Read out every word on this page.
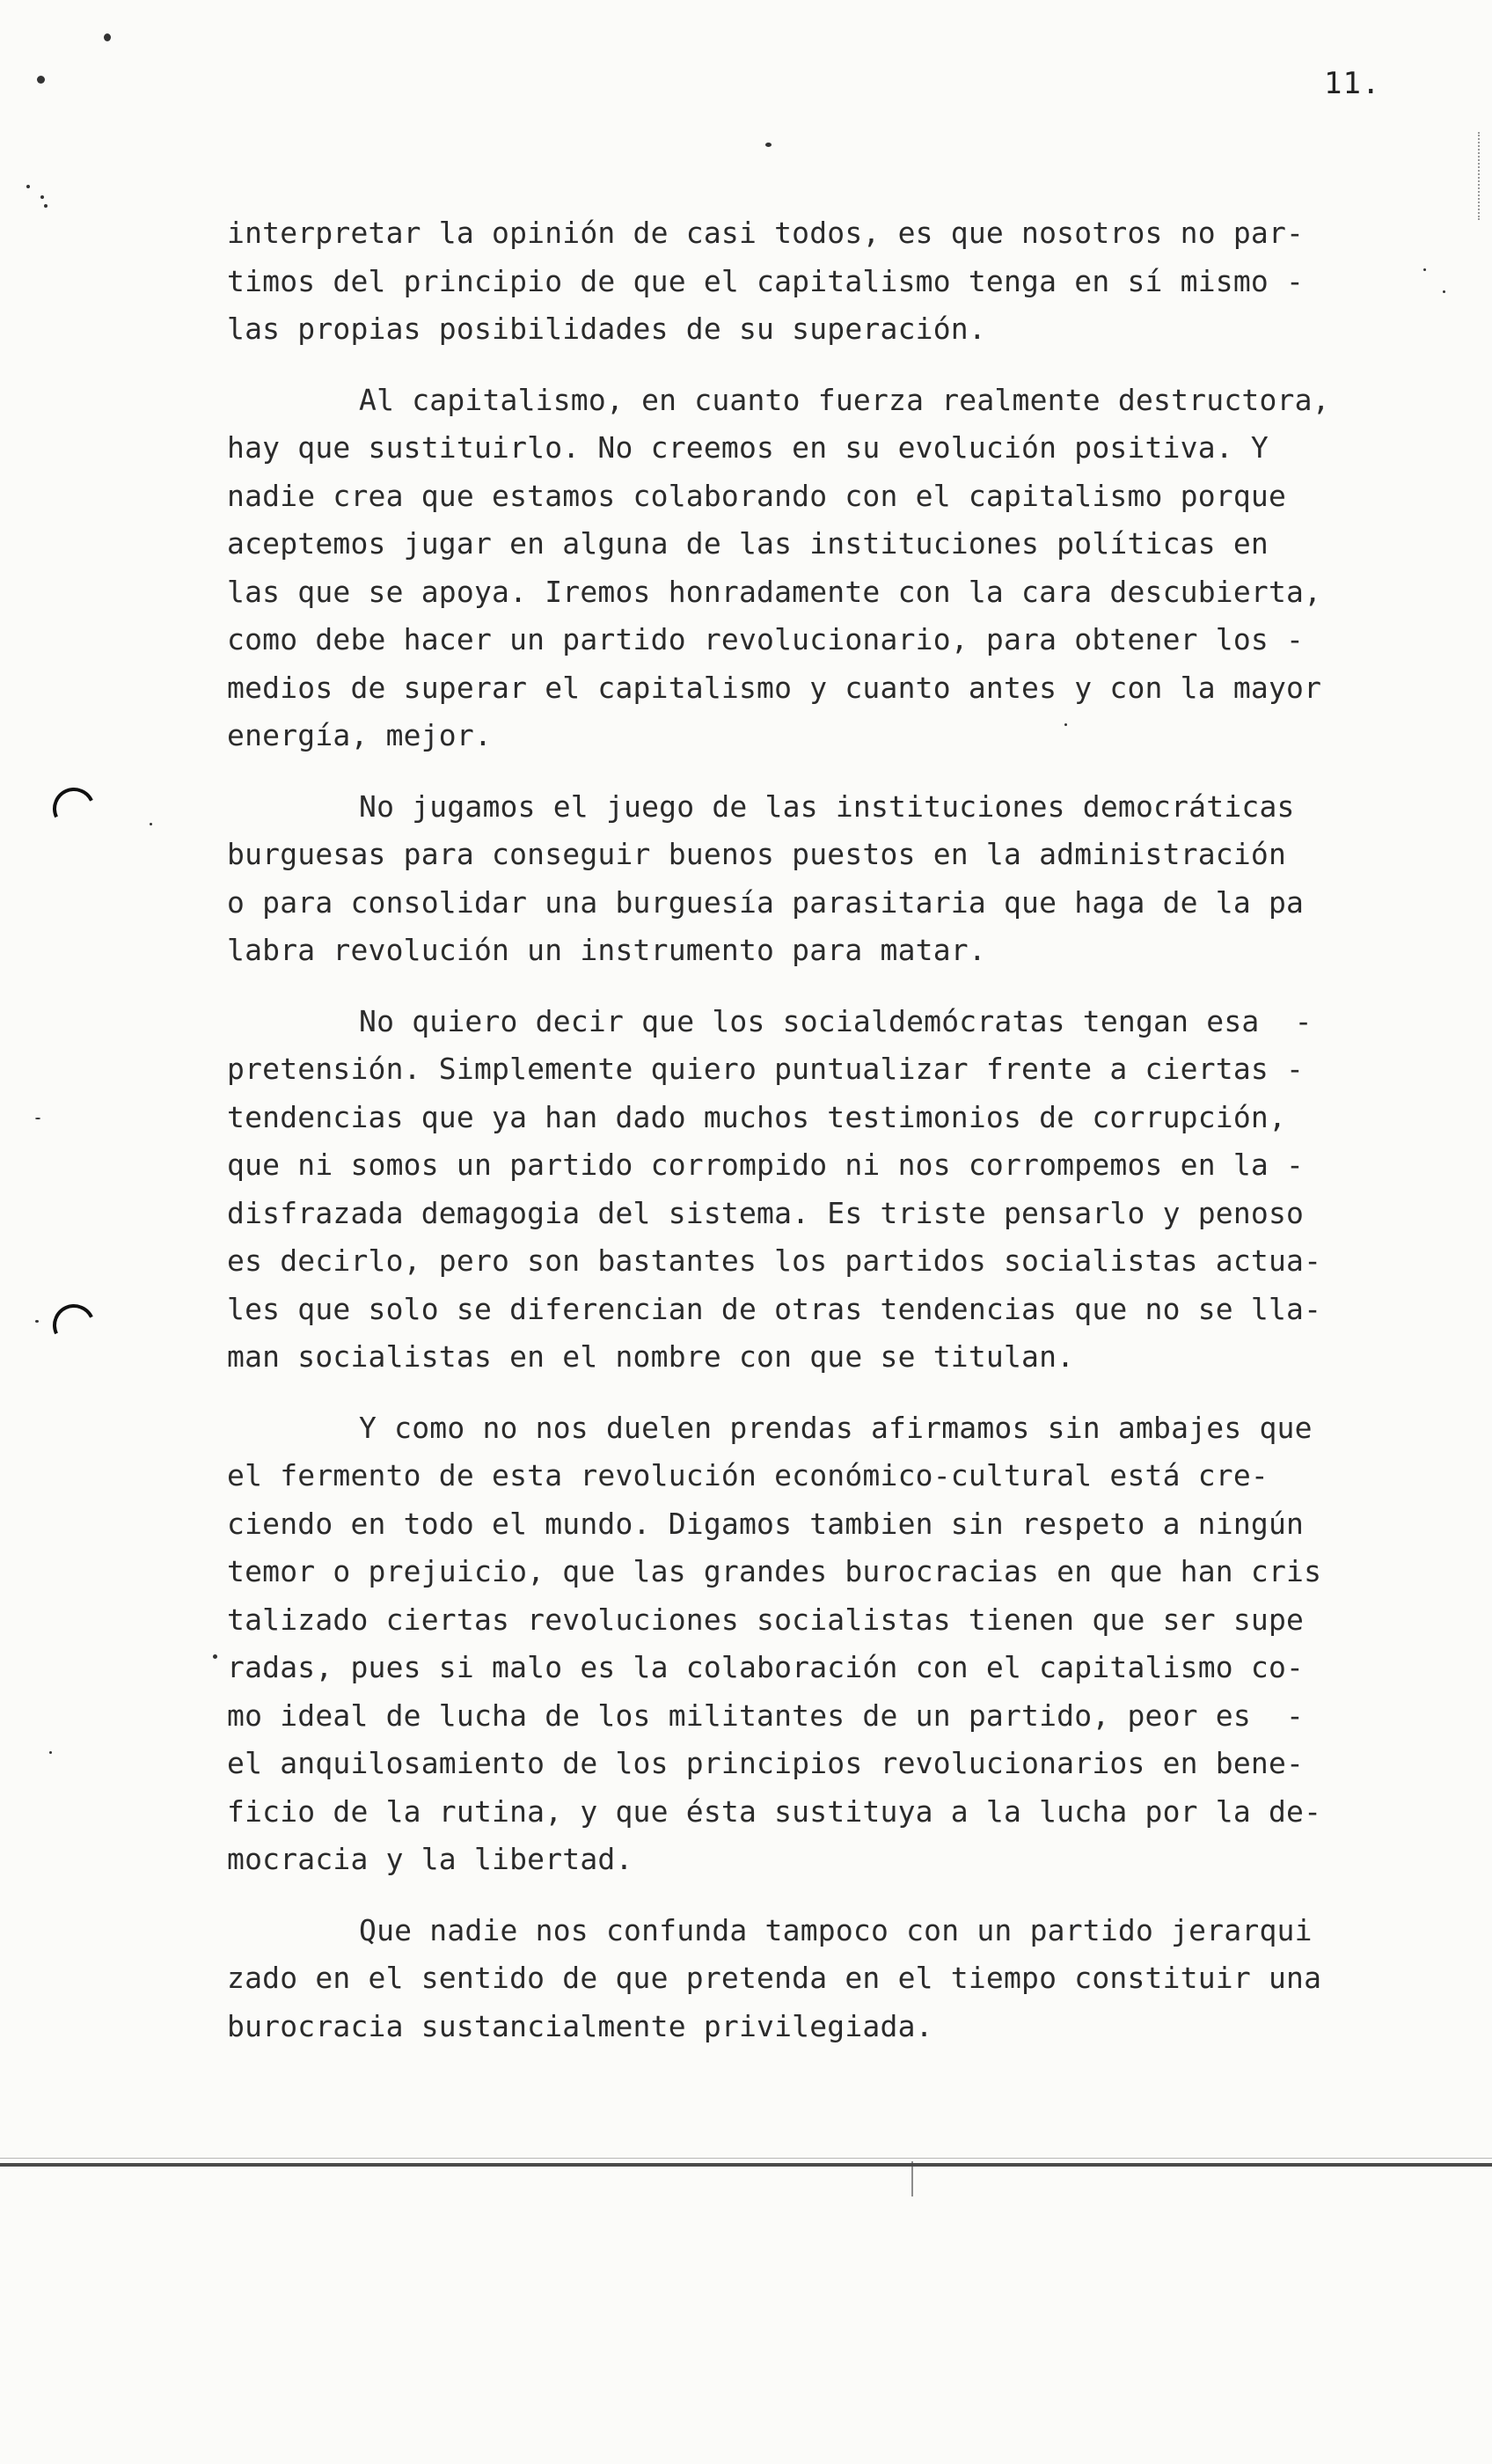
11.
interpretar la opinión de casi todos, es que nosotros no par-
timos del principio de que el capitalismo tenga en sí mismo -
las propias posibilidades de su superación.
Al capitalismo, en cuanto fuerza realmente destructora,
hay que sustituirlo. No creemos en su evolución positiva. Y
nadie crea que estamos colaborando con el capitalismo porque
aceptemos jugar en alguna de las instituciones políticas en
las que se apoya. Iremos honradamente con la cara descubierta,
como debe hacer un partido revolucionario, para obtener los -
medios de superar el capitalismo y cuanto antes y con la mayor
energía, mejor.
No jugamos el juego de las instituciones democráticas
burguesas para conseguir buenos puestos en la administración
o para consolidar una burguesía parasitaria que haga de la pa
labra revolución un instrumento para matar.
No quiero decir que los socialdemócratas tengan esa  -
pretensión. Simplemente quiero puntualizar frente a ciertas -
tendencias que ya han dado muchos testimonios de corrupción,
que ni somos un partido corrompido ni nos corrompemos en la -
disfrazada demagogia del sistema. Es triste pensarlo y penoso
es decirlo, pero son bastantes los partidos socialistas actua-
les que solo se diferencian de otras tendencias que no se lla-
man socialistas en el nombre con que se titulan.
Y como no nos duelen prendas afirmamos sin ambajes que
el fermento de esta revolución económico-cultural está cre-
ciendo en todo el mundo. Digamos tambien sin respeto a ningún
temor o prejuicio, que las grandes burocracias en que han cris
talizado ciertas revoluciones socialistas tienen que ser supe
radas, pues si malo es la colaboración con el capitalismo co-
mo ideal de lucha de los militantes de un partido, peor es  -
el anquilosamiento de los principios revolucionarios en bene-
ficio de la rutina, y que ésta sustituya a la lucha por la de-
mocracia y la libertad.
Que nadie nos confunda tampoco con un partido jerarqui
zado en el sentido de que pretenda en el tiempo constituir una
burocracia sustancialmente privilegiada.
